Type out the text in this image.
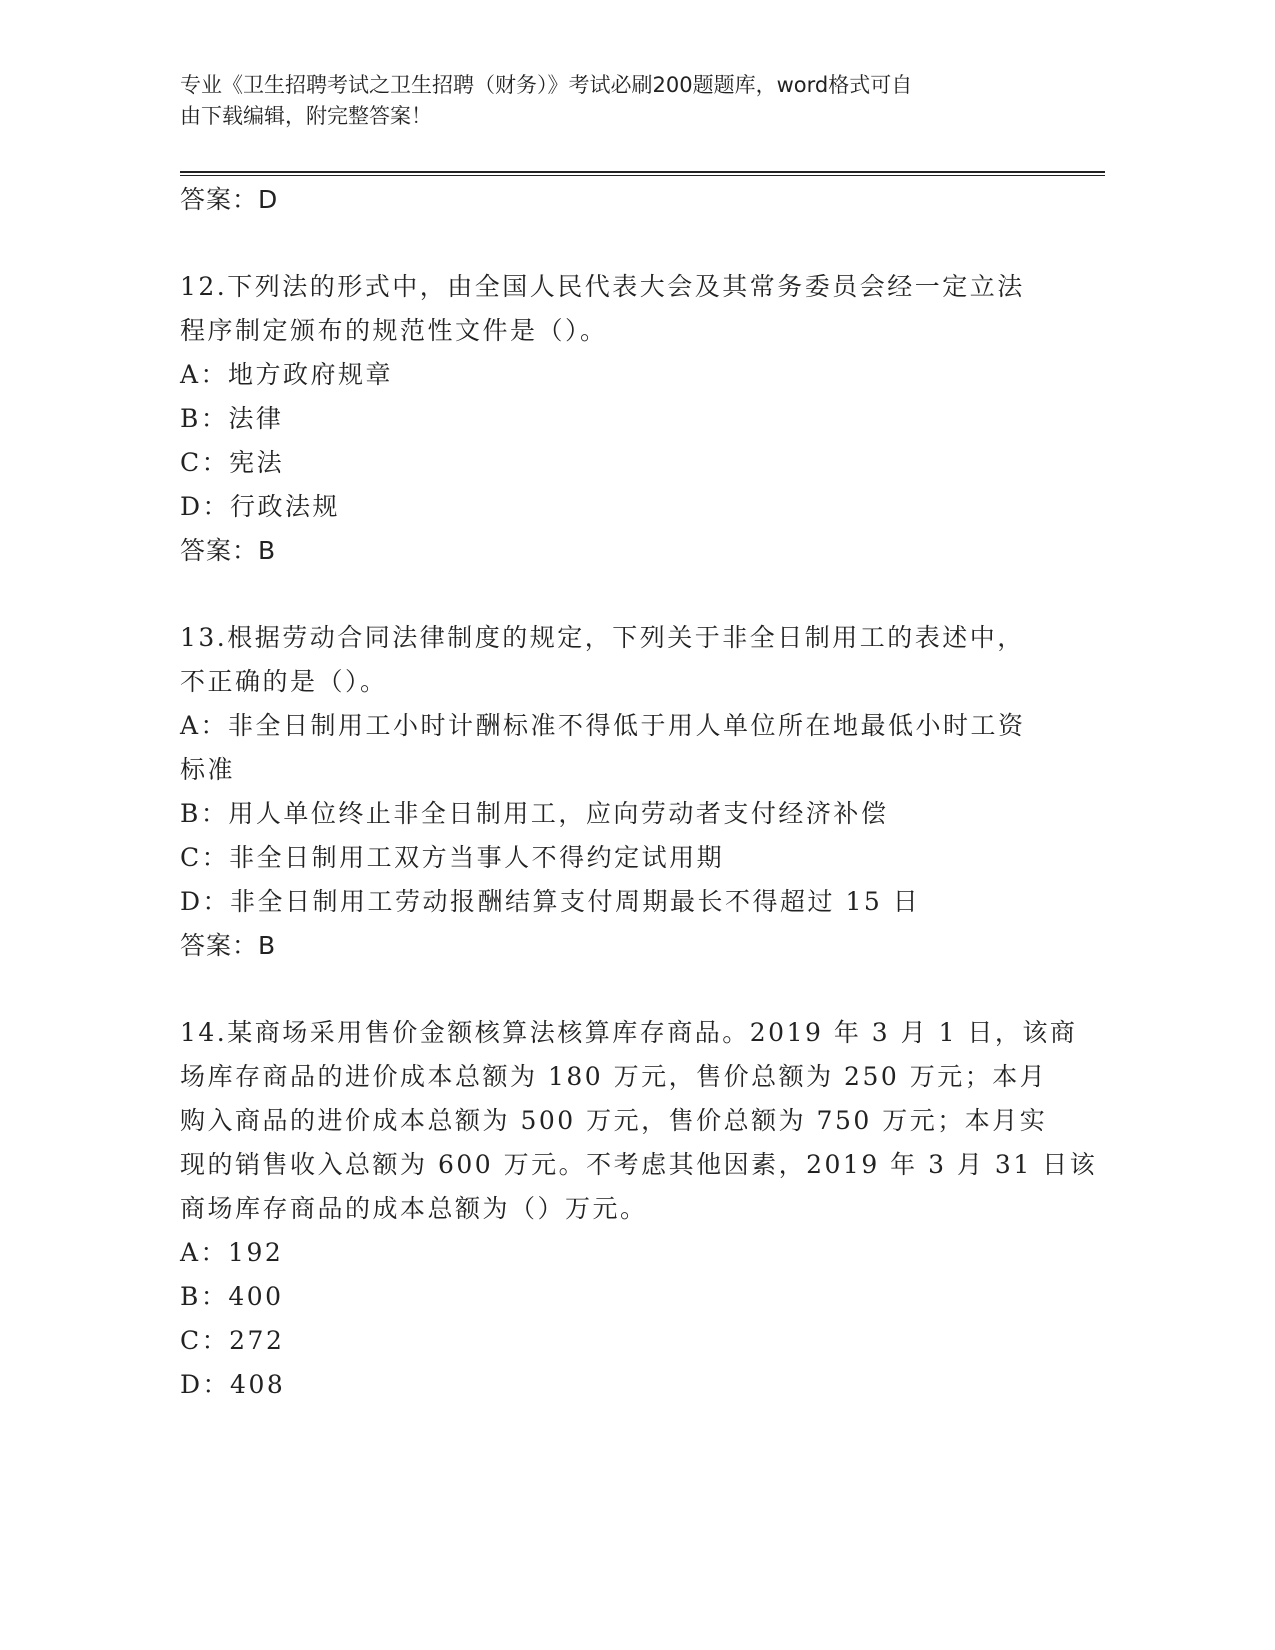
专业《卫生招聘考试之卫生招聘（财务）》考试必刷200题题库，word格式可自
由下载编辑，附完整答案！
答案：D
12.下列法的形式中，由全国人民代表大会及其常务委员会经一定立法
程序制定颁布的规范性文件是（）。
A：地方政府规章
B：法律
C：宪法
D：行政法规
答案：B
13.根据劳动合同法律制度的规定，下列关于非全日制用工的表述中，
不正确的是（）。
A：非全日制用工小时计酬标准不得低于用人单位所在地最低小时工资
标准
B：用人单位终止非全日制用工，应向劳动者支付经济补偿
C：非全日制用工双方当事人不得约定试用期
D：非全日制用工劳动报酬结算支付周期最长不得超过 15 日
答案：B
14.某商场采用售价金额核算法核算库存商品。2019 年 3 月 1 日，该商
场库存商品的进价成本总额为 180 万元，售价总额为 250 万元；本月
购入商品的进价成本总额为 500 万元，售价总额为 750 万元；本月实
现的销售收入总额为 600 万元。不考虑其他因素，2019 年 3 月 31 日该
商场库存商品的成本总额为（）万元。
A：192
B：400
C：272
D：408
